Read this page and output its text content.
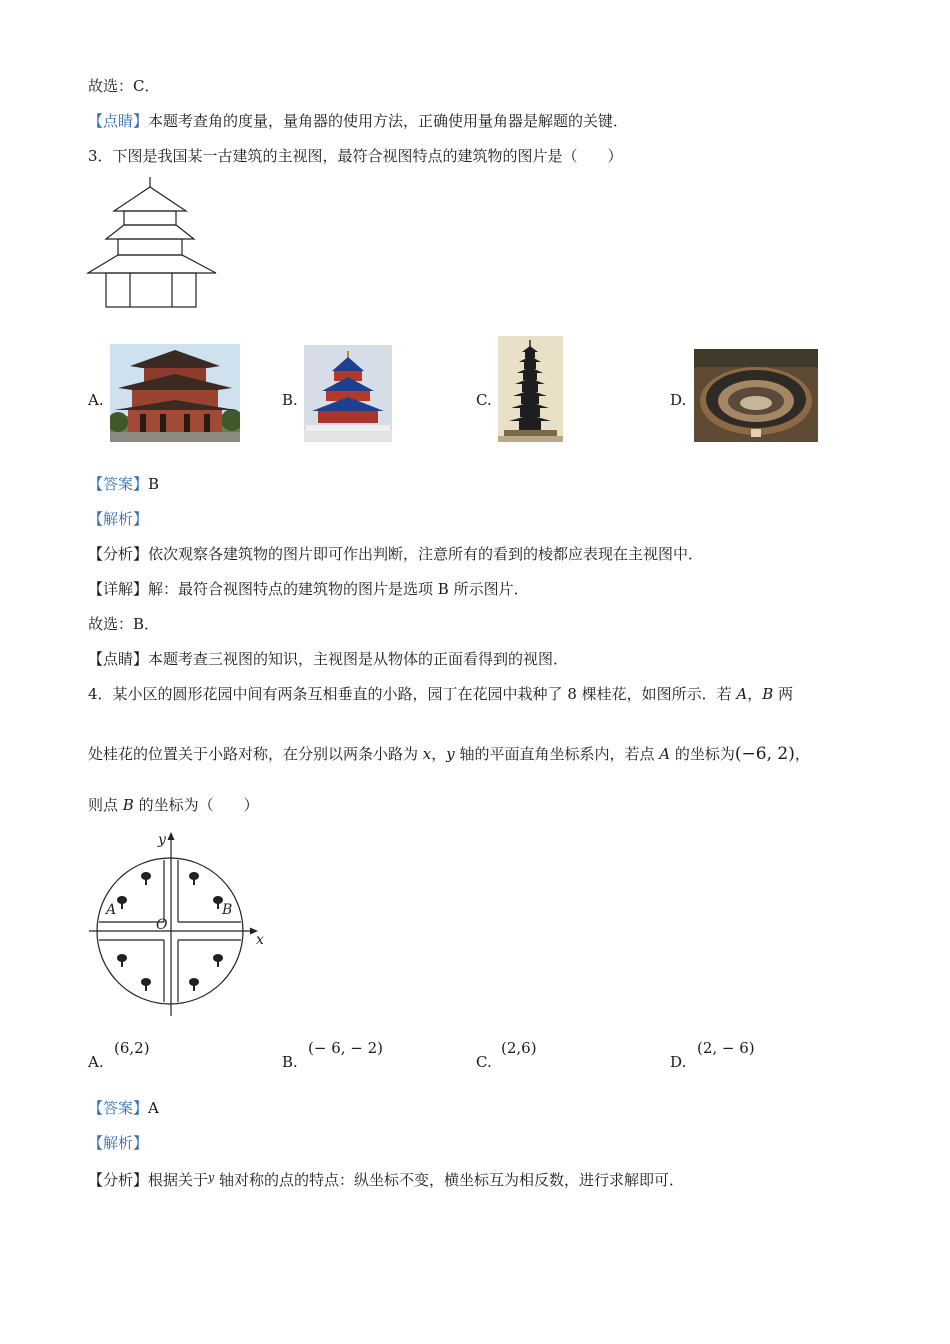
故选：C．
【点睛】本题考查角的度量，量角器的使用方法，正确使用量角器是解题的关键．
3．下图是我国某一古建筑的主视图，最符合视图特点的建筑物的图片是（　　）
A.	B.	C.	D.
【答案】B
【解析】
【分析】依次观察各建筑物的图片即可作出判断，注意所有的看到的棱都应表现在主视图中．
【详解】解：最符合视图特点的建筑物的图片是选项 B 所示图片．
故选：B．
【点睛】本题考查三视图的知识，主视图是从物体的正面看得到的视图．
4．某小区的圆形花园中间有两条互相垂直的小路，园丁在花园中栽种了 8 棵桂花，如图所示．若 A，B 两
处桂花的位置关于小路对称，在分别以两条小路为 x，y 轴的平面直角坐标系内，若点 A 的坐标为(−6, 2)，
则点 B 的坐标为（　　）
y
x
O
A	B
A.
(6,2)
B.
(− 6, − 2)
C.
(2,6)
D.
(2, − 6)
【答案】A
【解析】
【分析】根据关于$^y$ 轴对称的点的特点：纵坐标不变，横坐标互为相反数，进行求解即可．
